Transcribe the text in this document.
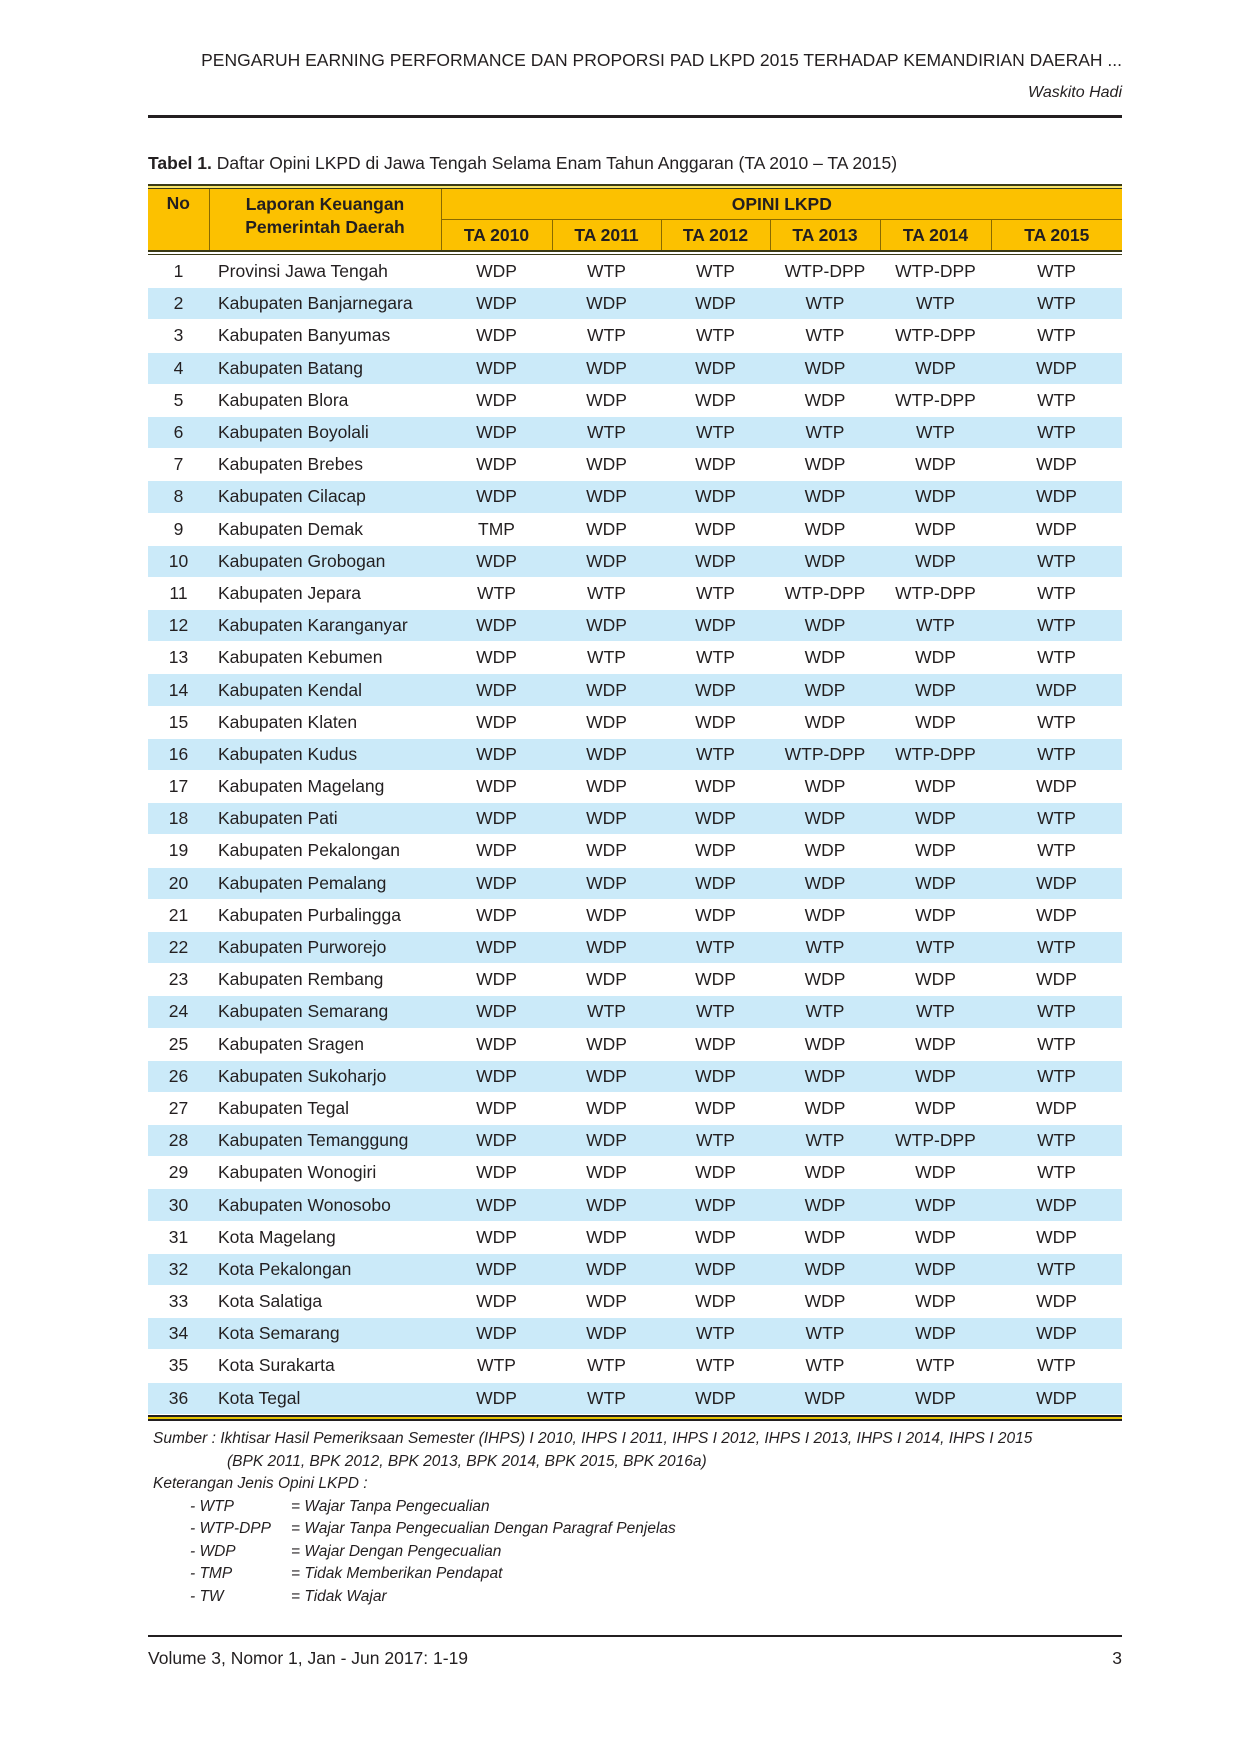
PENGARUH EARNING PERFORMANCE DAN PROPORSI PAD LKPD 2015 TERHADAP KEMANDIRIAN DAERAH ...
Waskito Hadi
Tabel 1. Daftar Opini LKPD di Jawa Tengah Selama Enam Tahun Anggaran (TA 2010 – TA 2015)
No	Laporan Keuangan
Pemerintah Daerah	OPINI LKPD					
		TA 2010	TA 2011	TA 2012	TA 2013	TA 2014	TA 2015

1	Provinsi Jawa Tengah	WDP	WTP	WTP	WTP-DPP	WTP-DPP	WTP
2	Kabupaten Banjarnegara	WDP	WDP	WDP	WTP	WTP	WTP
3	Kabupaten Banyumas	WDP	WTP	WTP	WTP	WTP-DPP	WTP
4	Kabupaten Batang	WDP	WDP	WDP	WDP	WDP	WDP
5	Kabupaten Blora	WDP	WDP	WDP	WDP	WTP-DPP	WTP
6	Kabupaten Boyolali	WDP	WTP	WTP	WTP	WTP	WTP
7	Kabupaten Brebes	WDP	WDP	WDP	WDP	WDP	WDP
8	Kabupaten Cilacap	WDP	WDP	WDP	WDP	WDP	WDP
9	Kabupaten Demak	TMP	WDP	WDP	WDP	WDP	WDP
10	Kabupaten Grobogan	WDP	WDP	WDP	WDP	WDP	WTP
11	Kabupaten Jepara	WTP	WTP	WTP	WTP-DPP	WTP-DPP	WTP
12	Kabupaten Karanganyar	WDP	WDP	WDP	WDP	WTP	WTP
13	Kabupaten Kebumen	WDP	WTP	WTP	WDP	WDP	WTP
14	Kabupaten Kendal	WDP	WDP	WDP	WDP	WDP	WDP
15	Kabupaten Klaten	WDP	WDP	WDP	WDP	WDP	WTP
16	Kabupaten Kudus	WDP	WDP	WTP	WTP-DPP	WTP-DPP	WTP
17	Kabupaten Magelang	WDP	WDP	WDP	WDP	WDP	WDP
18	Kabupaten Pati	WDP	WDP	WDP	WDP	WDP	WTP
19	Kabupaten Pekalongan	WDP	WDP	WDP	WDP	WDP	WTP
20	Kabupaten Pemalang	WDP	WDP	WDP	WDP	WDP	WDP
21	Kabupaten Purbalingga	WDP	WDP	WDP	WDP	WDP	WDP
22	Kabupaten Purworejo	WDP	WDP	WTP	WTP	WTP	WTP
23	Kabupaten Rembang	WDP	WDP	WDP	WDP	WDP	WDP
24	Kabupaten Semarang	WDP	WTP	WTP	WTP	WTP	WTP
25	Kabupaten Sragen	WDP	WDP	WDP	WDP	WDP	WTP
26	Kabupaten Sukoharjo	WDP	WDP	WDP	WDP	WDP	WTP
27	Kabupaten Tegal	WDP	WDP	WDP	WDP	WDP	WDP
28	Kabupaten Temanggung	WDP	WDP	WTP	WTP	WTP-DPP	WTP
29	Kabupaten Wonogiri	WDP	WDP	WDP	WDP	WDP	WTP
30	Kabupaten Wonosobo	WDP	WDP	WDP	WDP	WDP	WDP
31	Kota Magelang	WDP	WDP	WDP	WDP	WDP	WDP
32	Kota Pekalongan	WDP	WDP	WDP	WDP	WDP	WTP
33	Kota Salatiga	WDP	WDP	WDP	WDP	WDP	WDP
34	Kota Semarang	WDP	WDP	WTP	WTP	WDP	WDP
35	Kota Surakarta	WTP	WTP	WTP	WTP	WTP	WTP
36	Kota Tegal	WDP	WTP	WDP	WDP	WDP	WDP
Sumber : Ikhtisar Hasil Pemeriksaan Semester (IHPS) I 2010, IHPS I 2011, IHPS I 2012, IHPS I 2013, IHPS I 2014, IHPS I 2015
(BPK 2011, BPK 2012, BPK 2013, BPK 2014, BPK 2015, BPK 2016a)
Keterangan Jenis Opini LKPD :
- WTP	= Wajar Tanpa Pengecualian
- WTP-DPP	= Wajar Tanpa Pengecualian Dengan Paragraf Penjelas
- WDP	= Wajar Dengan Pengecualian
- TMP	= Tidak Memberikan Pendapat
- TW	= Tidak Wajar
Volume 3, Nomor 1, Jan - Jun 2017: 1-19	3
